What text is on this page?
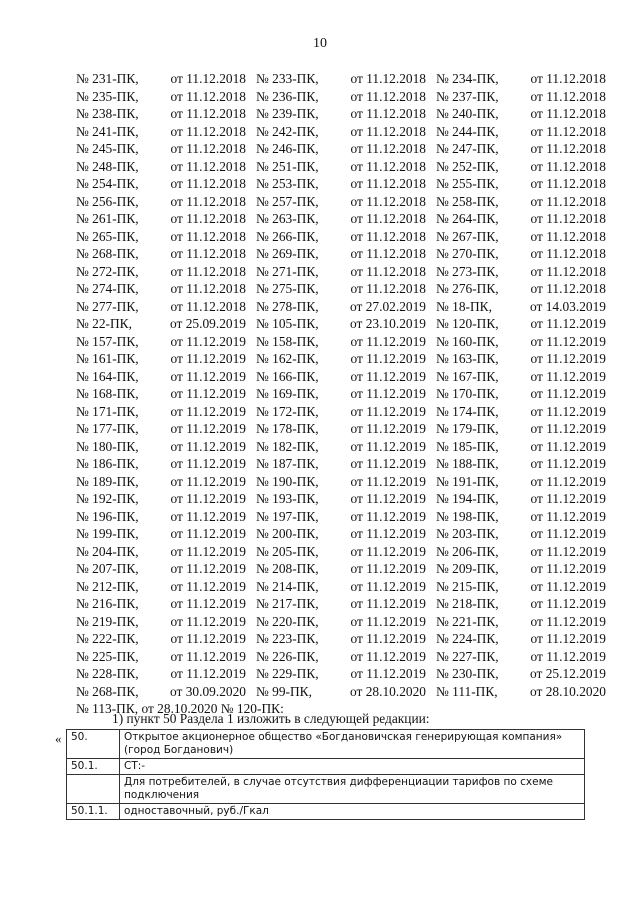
10
№ 231-ПК, от 11.12.2018 № 233-ПК, от 11.12.2018 № 234-ПК, от 11.12.2018
№ 235-ПК, от 11.12.2018 № 236-ПК, от 11.12.2018 № 237-ПК, от 11.12.2018
№ 238-ПК, от 11.12.2018 № 239-ПК, от 11.12.2018 № 240-ПК, от 11.12.2018
№ 241-ПК, от 11.12.2018 № 242-ПК, от 11.12.2018 № 244-ПК, от 11.12.2018
№ 245-ПК, от 11.12.2018 № 246-ПК, от 11.12.2018 № 247-ПК, от 11.12.2018
№ 248-ПК, от 11.12.2018 № 251-ПК, от 11.12.2018 № 252-ПК, от 11.12.2018
№ 254-ПК, от 11.12.2018 № 253-ПК, от 11.12.2018 № 255-ПК, от 11.12.2018
№ 256-ПК, от 11.12.2018 № 257-ПК, от 11.12.2018 № 258-ПК, от 11.12.2018
№ 261-ПК, от 11.12.2018 № 263-ПК, от 11.12.2018 № 264-ПК, от 11.12.2018
№ 265-ПК, от 11.12.2018 № 266-ПК, от 11.12.2018 № 267-ПК, от 11.12.2018
№ 268-ПК, от 11.12.2018 № 269-ПК, от 11.12.2018 № 270-ПК, от 11.12.2018
№ 272-ПК, от 11.12.2018 № 271-ПК, от 11.12.2018 № 273-ПК, от 11.12.2018
№ 274-ПК, от 11.12.2018 № 275-ПК, от 11.12.2018 № 276-ПК, от 11.12.2018
№ 277-ПК, от 11.12.2018 № 278-ПК, от 27.02.2019 № 18-ПК,	от 14.03.2019
№ 22-ПК,	от 25.09.2019 № 105-ПК, от 23.10.2019 № 120-ПК, от 11.12.2019
№ 157-ПК, от 11.12.2019 № 158-ПК, от 11.12.2019 № 160-ПК, от 11.12.2019
№ 161-ПК, от 11.12.2019 № 162-ПК, от 11.12.2019 № 163-ПК, от 11.12.2019
№ 164-ПК, от 11.12.2019 № 166-ПК, от 11.12.2019 № 167-ПК, от 11.12.2019
№ 168-ПК, от 11.12.2019 № 169-ПК, от 11.12.2019 № 170-ПК, от 11.12.2019
№ 171-ПК, от 11.12.2019 № 172-ПК, от 11.12.2019 № 174-ПК, от 11.12.2019
№ 177-ПК, от 11.12.2019 № 178-ПК, от 11.12.2019 № 179-ПК, от 11.12.2019
№ 180-ПК, от 11.12.2019 № 182-ПК, от 11.12.2019 № 185-ПК, от 11.12.2019
№ 186-ПК, от 11.12.2019 № 187-ПК, от 11.12.2019 № 188-ПК, от 11.12.2019
№ 189-ПК, от 11.12.2019 № 190-ПК, от 11.12.2019 № 191-ПК, от 11.12.2019
№ 192-ПК, от 11.12.2019 № 193-ПК, от 11.12.2019 № 194-ПК, от 11.12.2019
№ 196-ПК, от 11.12.2019 № 197-ПК, от 11.12.2019 № 198-ПК, от 11.12.2019
№ 199-ПК, от 11.12.2019 № 200-ПК, от 11.12.2019 № 203-ПК, от 11.12.2019
№ 204-ПК, от 11.12.2019 № 205-ПК, от 11.12.2019 № 206-ПК, от 11.12.2019
№ 207-ПК, от 11.12.2019 № 208-ПК, от 11.12.2019 № 209-ПК, от 11.12.2019
№ 212-ПК, от 11.12.2019 № 214-ПК, от 11.12.2019 № 215-ПК, от 11.12.2019
№ 216-ПК, от 11.12.2019 № 217-ПК, от 11.12.2019 № 218-ПК, от 11.12.2019
№ 219-ПК, от 11.12.2019 № 220-ПК, от 11.12.2019 № 221-ПК, от 11.12.2019
№ 222-ПК, от 11.12.2019 № 223-ПК, от 11.12.2019 № 224-ПК, от 11.12.2019
№ 225-ПК, от 11.12.2019 № 226-ПК, от 11.12.2019 № 227-ПК, от 11.12.2019
№ 228-ПК, от 11.12.2019 № 229-ПК, от 11.12.2019 № 230-ПК, от 25.12.2019
№ 268-ПК, от 30.09.2020 № 99-ПК,	от 28.10.2020 № 111-ПК, от 28.10.2020
№ 113-ПК, от 28.10.2020 № 120-ПК:
1) пункт 50 Раздела 1 изложить в следующей редакции:
« 50.	Открытое акционерное общество «Богдановичская генерирующая компания» (город Богданович)
50.1.	СТ:-
	Для потребителей, в случае отсутствия дифференциации тарифов по схеме подключения
50.1.1.	одноставочный, руб./Гкал
